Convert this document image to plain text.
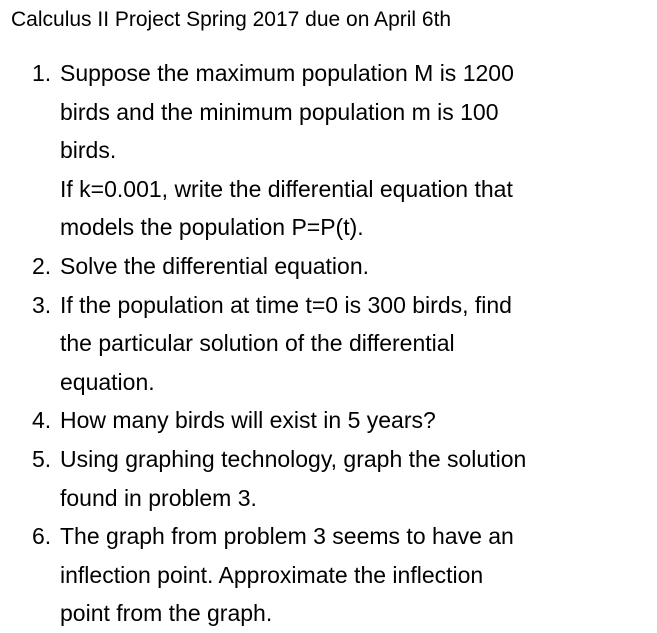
Calculus II Project Spring 2017 due on April 6th
1. Suppose the maximum population M is 1200
birds and the minimum population m is 100
birds.
If k=0.001, write the differential equation that
models the population P=P(t).
2. Solve the differential equation.
3. If the population at time t=0 is 300 birds, find
the particular solution of the differential
equation.
4. How many birds will exist in 5 years?
5. Using graphing technology, graph the solution
found in problem 3.
6. The graph from problem 3 seems to have an
inflection point. Approximate the inflection
point from the graph.
